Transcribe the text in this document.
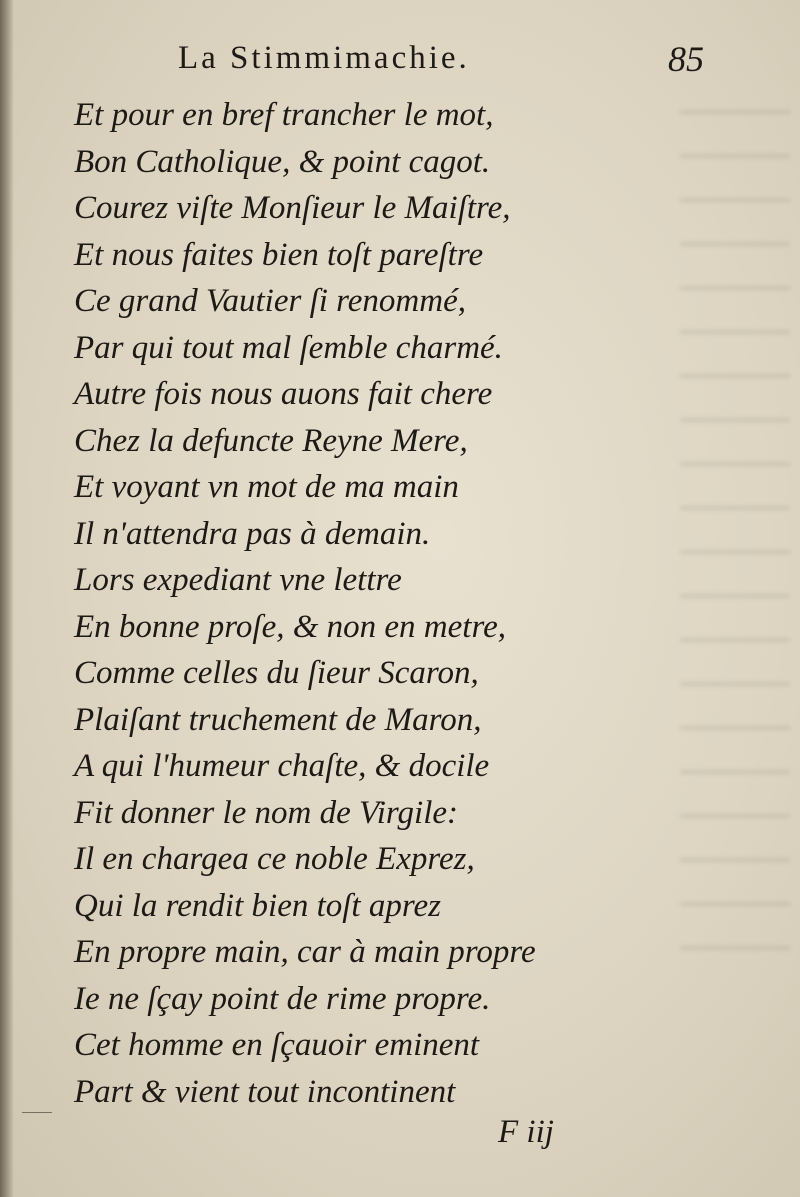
La Stimmimachie.	85
Et pour en bref trancher le mot,
Bon Catholique, & point cagot.
Courez viſte Monſieur le Maiſtre,
Et nous faites bien toſt pareſtre
Ce grand Vautier ſi renommé,
Par qui tout mal ſemble charmé.
Autre fois nous auons fait chere
Chez la defuncte Reyne Mere,
Et voyant vn mot de ma main
Il n'attendra pas à demain.
Lors expediant vne lettre
En bonne proſe, & non en metre,
Comme celles du ſieur Scaron,
Plaiſant truchement de Maron,
A qui l'humeur chaſte, & docile
Fit donner le nom de Virgile:
Il en chargea ce noble Exprez,
Qui la rendit bien toſt aprez
En propre main, car à main propre
Ie ne ſçay point de rime propre.
Cet homme en ſçauoir eminent
Part & vient tout incontinent
F iij
